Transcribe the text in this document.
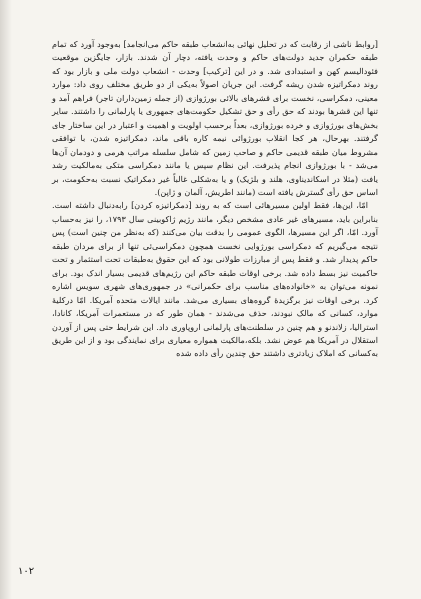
[روابط ناشی از رقابت که در تحلیل نهائی به‌انشعاب طبقه حاکم می‌انجامد] به‌وجود آورد که تمام طبقه حکمران جدید دولت‌های حاکم و وحدت یافته، دچار آن شدند. بازار، جایگزین موقعیت فئودالیسم کهن و استبدادی شد. و در این [ترکیب] وحدت - انشعاب دولت ملی و بازار بود که روند دمکراتیزه شدن ریشه گرفت. این جریان اصولاً به‌یکی از دو طریق مختلف روی داد: موارد معینی، دمکراسی، نخست برای قشرهای بالائی بورژوازی (از جمله زمین‌داران تاجر) فراهم آمد و تنها این قشرها بودند که حق رأی و حق تشکیل حکومت‌های جمهوری یا پارلمانی را داشتند. سایر بخش‌های بورژوازی و خرده بورژوازی، بعداً برحسب اولویت و اهمیت و اعتبار در این ساختار جای گرفتند. بهرحال، هر کجا انقلاب بورژوائی نیمه کاره باقی ماند، دمکراتیزه شدن، با توافقی مشروط میان طبقه قدیمی حاکم و صاحب زمین که شامل سلسله مراتب هرمی و دودمان آن‌ها می‌شد - با بورژوازی انجام پذیرفت. این نظام سپس یا مانند دمکراسی متکی به‌مالکیت رشد یافت (مثلا در اسکاندیناوی، هلند و بلژیک) و یا به‌شکلی غالباً غیر دمکراتیک نسبت به‌حکومت، بر اساس حق رأی گسترش یافته است (مانند اطریش، آلمان و ژاپن).

امّا، این‌ها، فقط اولین مسیرهائی است که به روند [دمکراتیزه کردن] رابه‌دنبال داشته است. بنابراین باید، مسیرهای غیر عادی مشخص دیگر، مانند رژیم ژاکوبینی سال ۱۷۹۳، را نیز به‌حساب آورد. امّا، اگر این مسیرها، الگوی عمومی را بدقت بیان می‌کنند (که به‌نظر من چنین است) پس نتیجه می‌گیریم که دمکراسی بورژوایی نخست همچون دمکراسی‌ئی تنها از برای مردان طبقه حاکم پدیدار شد. و فقط پس از مبارزات طولانی بود که این حقوق به‌طبقات تحت استثمار و تحت حاکمیت نیز بسط داده شد. برخی اوقات طبقه حاکم این رژیم‌های قدیمی بسیار اندک بود. برای نمونه می‌توان به «خانواده‌های مناسب برای حکمرانی» در جمهوری‌های شهری سویس اشاره کرد. برخی اوقات نیز برگزیدهٔ گروه‌های بسیاری می‌شد. مانند ایالات متحده آمریکا. امّا درکلیهٔ موارد، کسانی که مالک نبودند، حذف می‌شدند - همان طور که در مستعمرات آمریکا، کانادا، استرالیا، زلاندنو و هم چنین در سلطنت‌های پارلمانی اروپاوری داد. این شرایط حتی پس از آوردن استقلال در آمریکا هم عوض نشد. بلکه،مالکیت همواره معیاری برای نمایندگی بود و از این طریق به‌کسانی که املاک زیادتری داشتند حق چندین رأی داده شده

۱۰۲
